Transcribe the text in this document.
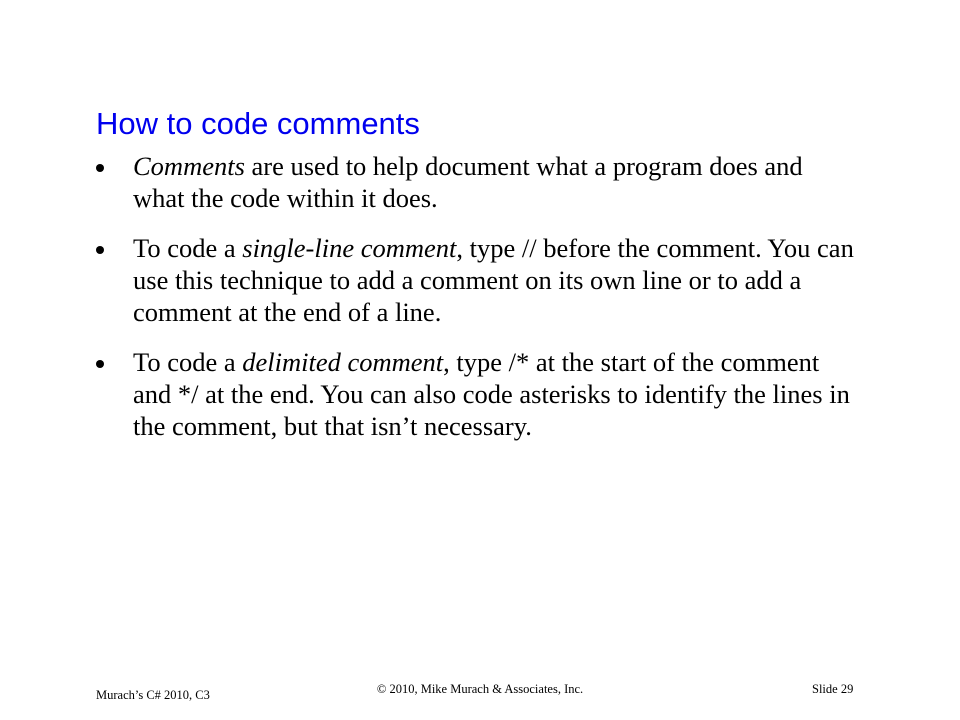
How to code comments
Comments are used to help document what a program does and what the code within it does.
To code a single-line comment, type // before the comment. You can use this technique to add a comment on its own line or to add a comment at the end of a line.
To code a delimited comment, type /* at the start of the comment and */ at the end. You can also code asterisks to identify the lines in the comment, but that isn’t necessary.
Murach’s C# 2010, C3	© 2010, Mike Murach & Associates, Inc.	Slide 29
